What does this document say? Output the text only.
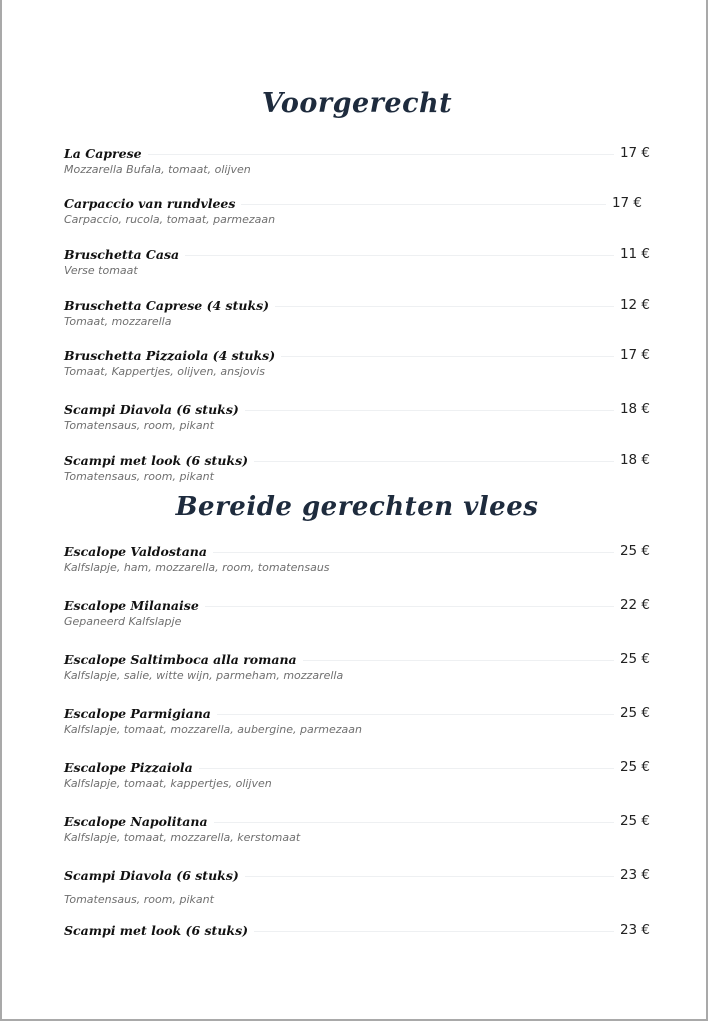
Voorgerecht
La Caprese	17 €
Mozzarella Bufala, tomaat, olijven
Carpaccio van rundvlees	17 €
Carpaccio, rucola, tomaat, parmezaan
Bruschetta Casa	11 €
Verse tomaat
Bruschetta Caprese (4 stuks)	12 €
Tomaat, mozzarella
Bruschetta Pizzaiola (4 stuks)	17 €
Tomaat, Kappertjes, olijven, ansjovis
Scampi Diavola (6 stuks)	18 €
Tomatensaus, room, pikant
Scampi met look (6 stuks)	18 €
Tomatensaus, room, pikant
Bereide gerechten vlees
Escalope Valdostana	25 €
Kalfslapje, ham, mozzarella, room, tomatensaus
Escalope Milanaise	22 €
Gepaneerd Kalfslapje
Escalope Saltimboca alla romana	25 €
Kalfslapje, salie, witte wijn, parmeham, mozzarella
Escalope Parmigiana	25 €
Kalfslapje, tomaat, mozzarella, aubergine, parmezaan
Escalope Pizzaiola	25 €
Kalfslapje, tomaat, kappertjes, olijven
Escalope Napolitana	25 €
Kalfslapje, tomaat, mozzarella, kerstomaat
Scampi Diavola (6 stuks)	23 €
Tomatensaus, room, pikant
Scampi met look (6 stuks)	23 €
